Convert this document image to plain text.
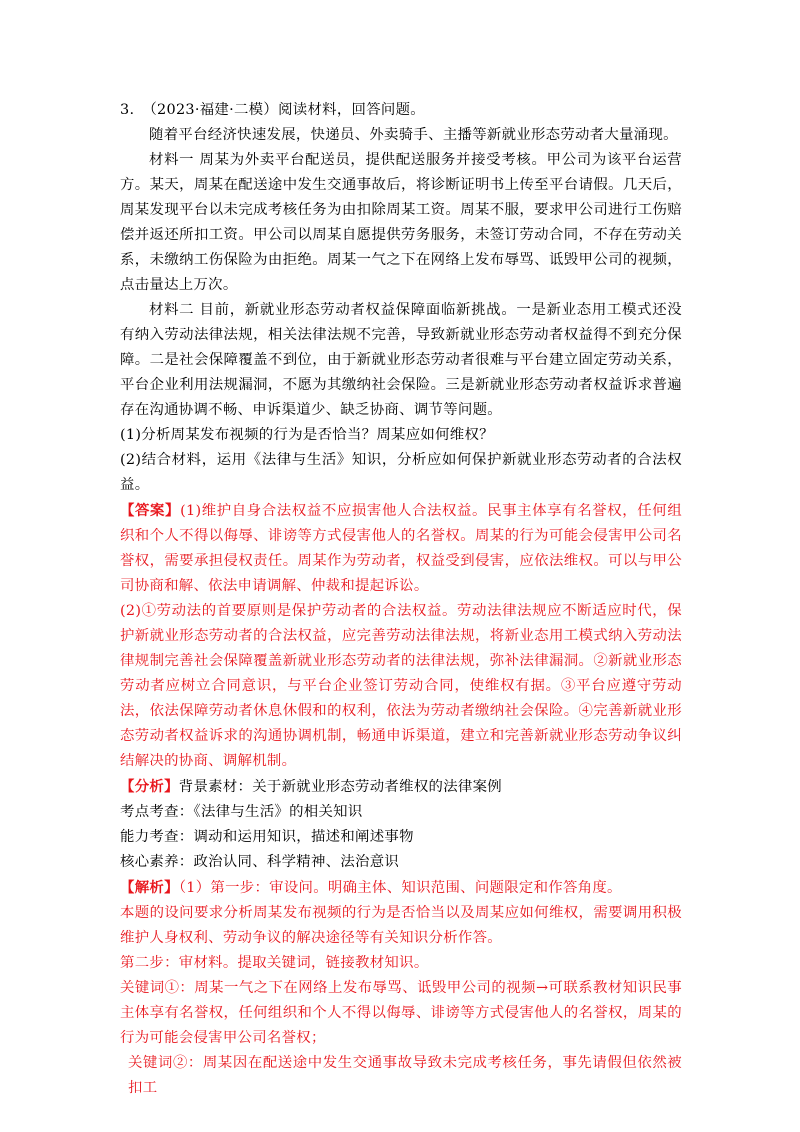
3. （2023·福建·二模）阅读材料，回答问题。

随着平台经济快速发展，快递员、外卖骑手、主播等新就业形态劳动者大量涌现。

材料一 周某为外卖平台配送员，提供配送服务并接受考核。甲公司为该平台运营方。某天，周某在配送途中发生交通事故后，将诊断证明书上传至平台请假。几天后，周某发现平台以未完成考核任务为由扣除周某工资。周某不服，要求甲公司进行工伤赔偿并返还所扣工资。甲公司以周某自愿提供劳务服务，未签订劳动合同，不存在劳动关系，未缴纳工伤保险为由拒绝。周某一气之下在网络上发布辱骂、诋毁甲公司的视频，点击量达上万次。

材料二 目前，新就业形态劳动者权益保障面临新挑战。一是新业态用工模式还没有纳入劳动法律法规，相关法律法规不完善，导致新就业形态劳动者权益得不到充分保障。二是社会保障覆盖不到位，由于新就业形态劳动者很难与平台建立固定劳动关系，平台企业利用法规漏洞，不愿为其缴纳社会保险。三是新就业形态劳动者权益诉求普遍存在沟通协调不畅、申诉渠道少、缺乏协商、调节等问题。

(1)分析周某发布视频的行为是否恰当？周某应如何维权？

(2)结合材料，运用《法律与生活》知识，分析应如何保护新就业形态劳动者的合法权益。

【答案】(1)维护自身合法权益不应损害他人合法权益。民事主体享有名誉权，任何组织和个人不得以侮辱、诽谤等方式侵害他人的名誉权。周某的行为可能会侵害甲公司名誉权，需要承担侵权责任。周某作为劳动者，权益受到侵害，应依法维权。可以与甲公司协商和解、依法申请调解、仲裁和提起诉讼。

(2)①劳动法的首要原则是保护劳动者的合法权益。劳动法律法规应不断适应时代，保护新就业形态劳动者的合法权益，应完善劳动法律法规，将新业态用工模式纳入劳动法律规制完善社会保障覆盖新就业形态劳动者的法律法规，弥补法律漏洞。②新就业形态劳动者应树立合同意识，与平台企业签订劳动合同，使维权有据。③平台应遵守劳动法，依法保障劳动者休息休假和的权利，依法为劳动者缴纳社会保险。④完善新就业形态劳动者权益诉求的沟通协调机制，畅通申诉渠道，建立和完善新就业形态劳动争议纠结解决的协商、调解机制。

【分析】背景素材：关于新就业形态劳动者维权的法律案例

考点考查：《法律与生活》的相关知识

能力考查：调动和运用知识，描述和阐述事物

核心素养：政治认同、科学精神、法治意识

【解析】（1）第一步：审设问。明确主体、知识范围、问题限定和作答角度。

本题的设问要求分析周某发布视频的行为是否恰当以及周某应如何维权，需要调用积极维护人身权利、劳动争议的解决途径等有关知识分析作答。

第二步：审材料。提取关键词，链接教材知识。

关键词①：周某一气之下在网络上发布辱骂、诋毁甲公司的视频→可联系教材知识民事主体享有名誉权，任何组织和个人不得以侮辱、诽谤等方式侵害他人的名誉权，周某的行为可能会侵害甲公司名誉权；

关键词②：周某因在配送途中发生交通事故导致未完成考核任务，事先请假但依然被扣工
